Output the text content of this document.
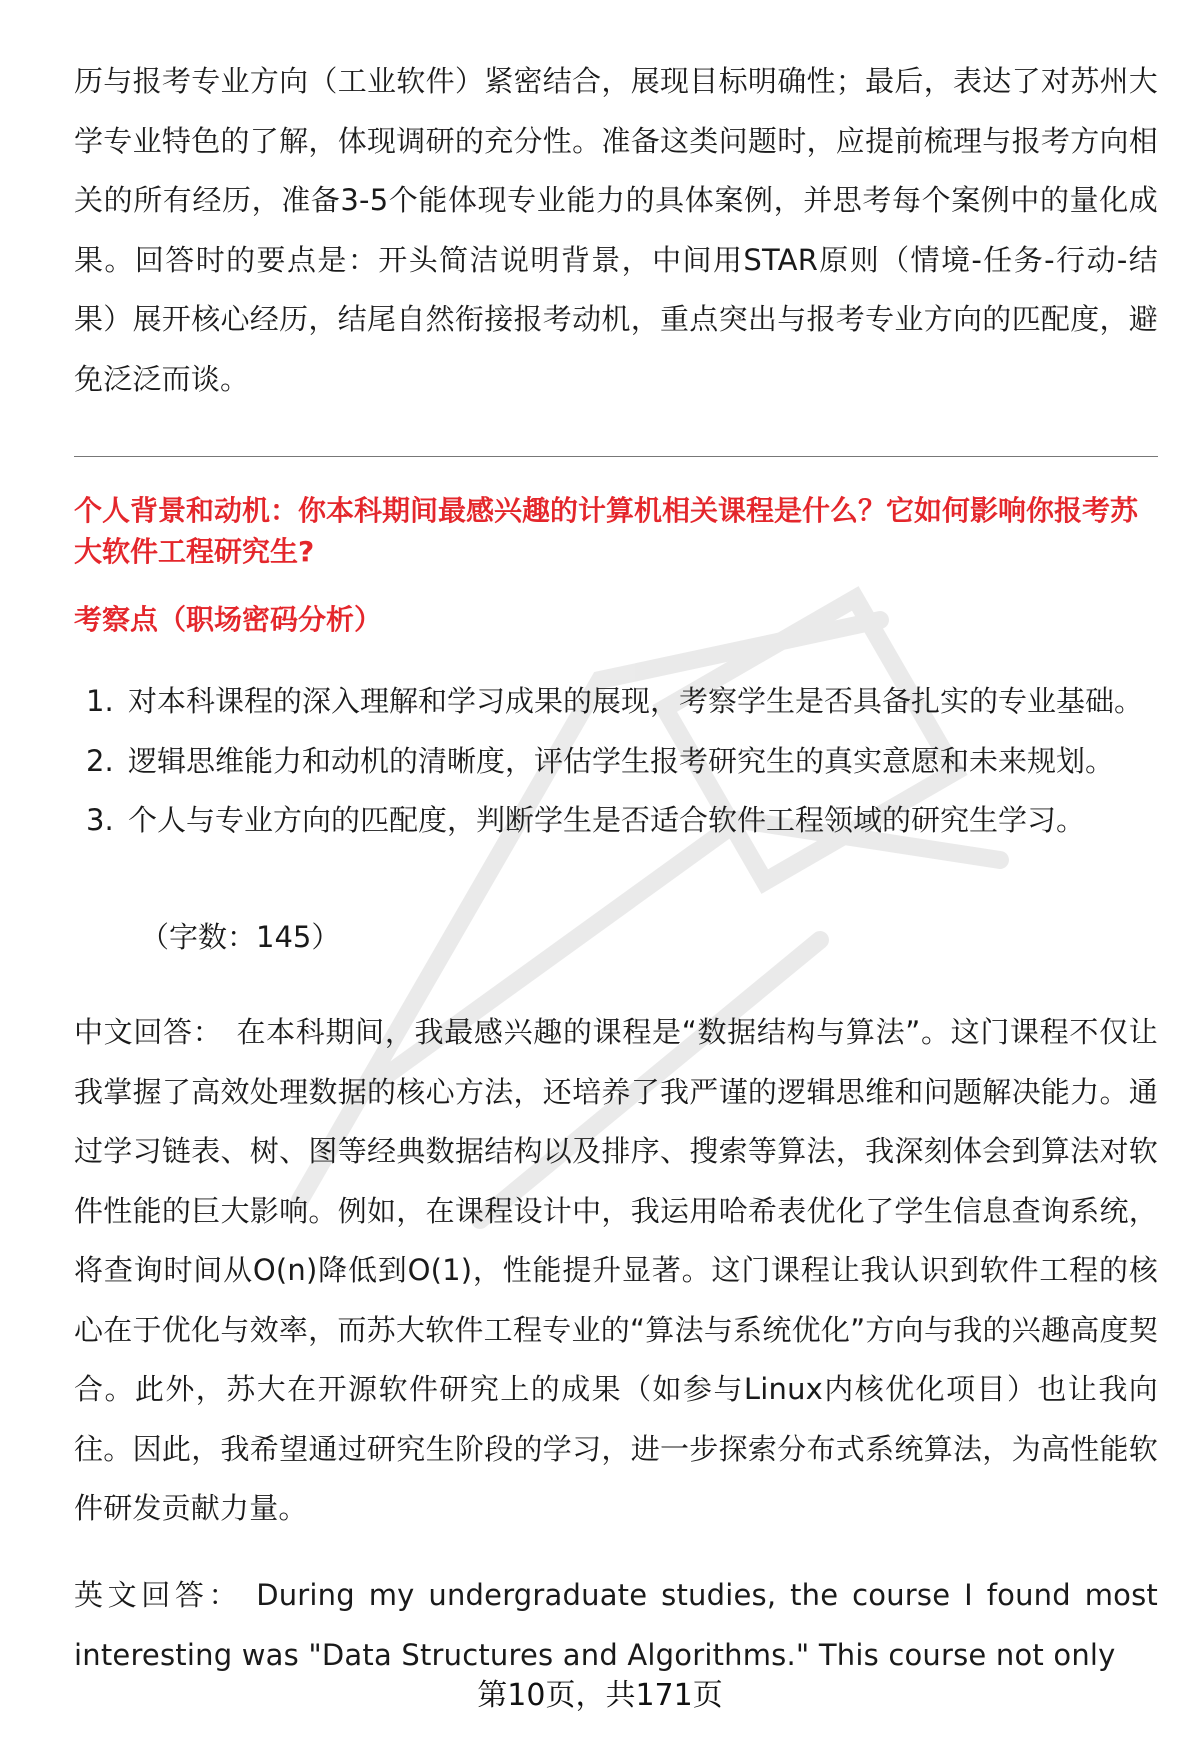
历与报考专业方向（工业软件）紧密结合，展现目标明确性；最后，表达了对苏州大学专业特色的了解，体现调研的充分性。准备这类问题时，应提前梳理与报考方向相关的所有经历，准备3-5个能体现专业能力的具体案例，并思考每个案例中的量化成果。回答时的要点是：开头简洁说明背景，中间用STAR原则（情境-任务-行动-结果）展开核心经历，结尾自然衔接报考动机，重点突出与报考专业方向的匹配度，避免泛泛而谈。

个人背景和动机：你本科期间最感兴趣的计算机相关课程是什么？它如何影响你报考苏大软件工程研究生?

考察点（职场密码分析）

1. 对本科课程的深入理解和学习成果的展现，考察学生是否具备扎实的专业基础。
2. 逻辑思维能力和动机的清晰度，评估学生报考研究生的真实意愿和未来规划。
3. 个人与专业方向的匹配度，判断学生是否适合软件工程领域的研究生学习。
（字数：145）

中文回答： 在本科期间，我最感兴趣的课程是“数据结构与算法”。这门课程不仅让我掌握了高效处理数据的核心方法，还培养了我严谨的逻辑思维和问题解决能力。通过学习链表、树、图等经典数据结构以及排序、搜索等算法，我深刻体会到算法对软件性能的巨大影响。例如，在课程设计中，我运用哈希表优化了学生信息查询系统，将查询时间从O(n)降低到O(1)，性能提升显著。这门课程让我认识到软件工程的核心在于优化与效率，而苏大软件工程专业的“算法与系统优化”方向与我的兴趣高度契合。此外，苏大在开源软件研究上的成果（如参与Linux内核优化项目）也让我向往。因此，我希望通过研究生阶段的学习，进一步探索分布式系统算法，为高性能软件研发贡献力量。

英文回答： During my undergraduate studies, the course I found most interesting was "Data Structures and Algorithms." This course not only

第10页，共171页
